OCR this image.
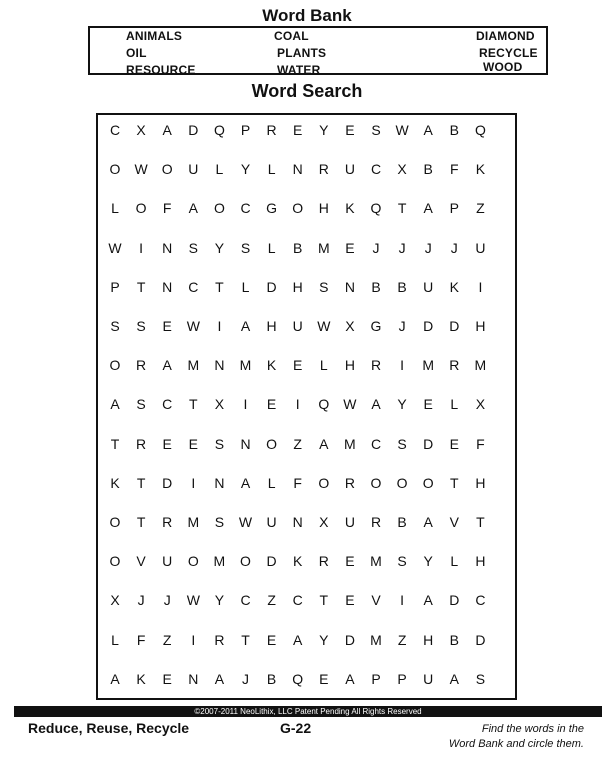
Word Bank
ANIMALS	COAL	DIAMOND
OIL	PLANTS	RECYCLE
RESOURCE	WATER	WOOD
Word Search
C	X	A	D	Q	P	R	E	Y	E	S	W	A	B	Q
O	W	O	U	L	Y	L	N	R	U	C	X	B	F	K
L	O	F	A	O	C	G	O	H	K	Q	T	A	P	Z
W	I	N	S	Y	S	L	B	M	E	J	J	J	J	U
P	T	N	C	T	L	D	H	S	N	B	B	U	K	I
S	S	E	W	I	A	H	U	W	X	G	J	D	D	H
O	R	A	M	N	M	K	E	L	H	R	I	M	R	M
A	S	C	T	X	I	E	I	Q	W	A	Y	E	L	X
T	R	E	E	S	N	O	Z	A	M	C	S	D	E	F
K	T	D	I	N	A	L	F	O	R	O	O	O	T	H
O	T	R	M	S	W	U	N	X	U	R	B	A	V	T
O	V	U	O	M	O	D	K	R	E	M	S	Y	L	H
X	J	J	W	Y	C	Z	C	T	E	V	I	A	D	C
L	F	Z	I	R	T	E	A	Y	D	M	Z	H	B	D
A	K	E	N	A	J	B	Q	E	A	P	P	U	A	S
©2007-2011 NeoLithix, LLC Patent Pending All Rights Reserved
Reduce, Reuse, Recycle	G-22	Find the words in the
Word Bank and circle them.
